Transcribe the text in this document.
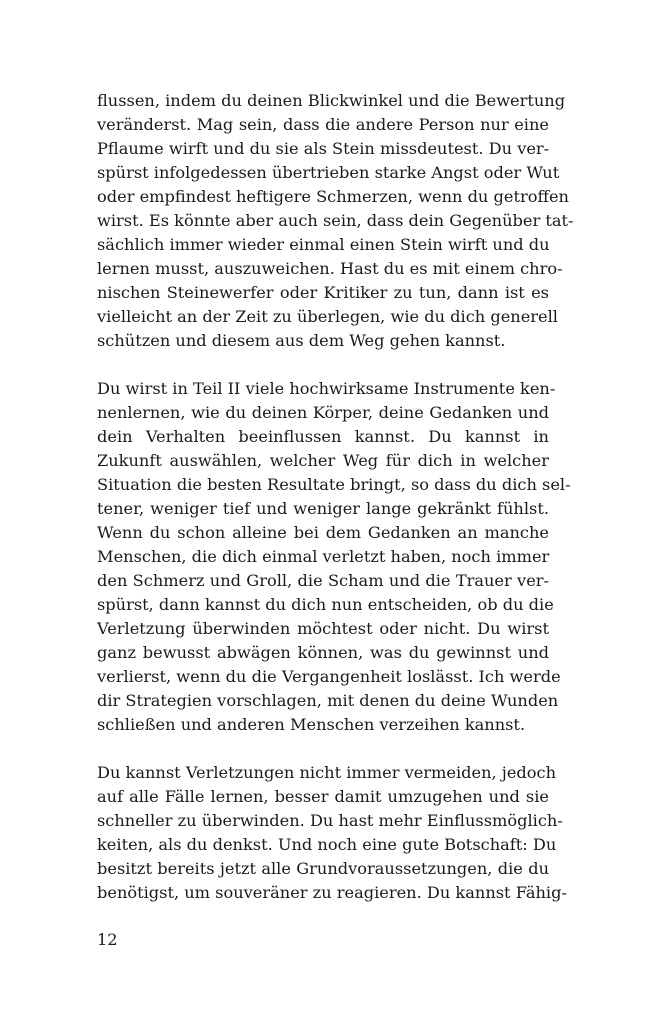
flussen, indem du deinen Blickwinkel und die Bewertung
veränderst. Mag sein, dass die andere Person nur eine
Pflaume wirft und du sie als Stein missdeutest. Du ver-
spürst infolgedessen übertrieben starke Angst oder Wut
oder empfindest heftigere Schmerzen, wenn du getroffen
wirst. Es könnte aber auch sein, dass dein Gegenüber tat-
sächlich immer wieder einmal einen Stein wirft und du
lernen musst, auszuweichen. Hast du es mit einem chro-
nischen Steinewerfer oder Kritiker zu tun, dann ist es
vielleicht an der Zeit zu überlegen, wie du dich generell
schützen und diesem aus dem Weg gehen kannst.
Du wirst in Teil II viele hochwirksame Instrumente ken-
nenlernen, wie du deinen Körper, deine Gedanken und
dein Verhalten beeinflussen kannst. Du kannst in
Zukunft auswählen, welcher Weg für dich in welcher
Situation die besten Resultate bringt, so dass du dich sel-
tener, weniger tief und weniger lange gekränkt fühlst.
Wenn du schon alleine bei dem Gedanken an manche
Menschen, die dich einmal verletzt haben, noch immer
den Schmerz und Groll, die Scham und die Trauer ver-
spürst, dann kannst du dich nun entscheiden, ob du die
Verletzung überwinden möchtest oder nicht. Du wirst
ganz bewusst abwägen können, was du gewinnst und
verlierst, wenn du die Vergangenheit loslässt. Ich werde
dir Strategien vorschlagen, mit denen du deine Wunden
schließen und anderen Menschen verzeihen kannst.
Du kannst Verletzungen nicht immer vermeiden, jedoch
auf alle Fälle lernen, besser damit umzugehen und sie
schneller zu überwinden. Du hast mehr Einflussmöglich-
keiten, als du denkst. Und noch eine gute Botschaft: Du
besitzt bereits jetzt alle Grundvoraussetzungen, die du
benötigst, um souveräner zu reagieren. Du kannst Fähig-
12
